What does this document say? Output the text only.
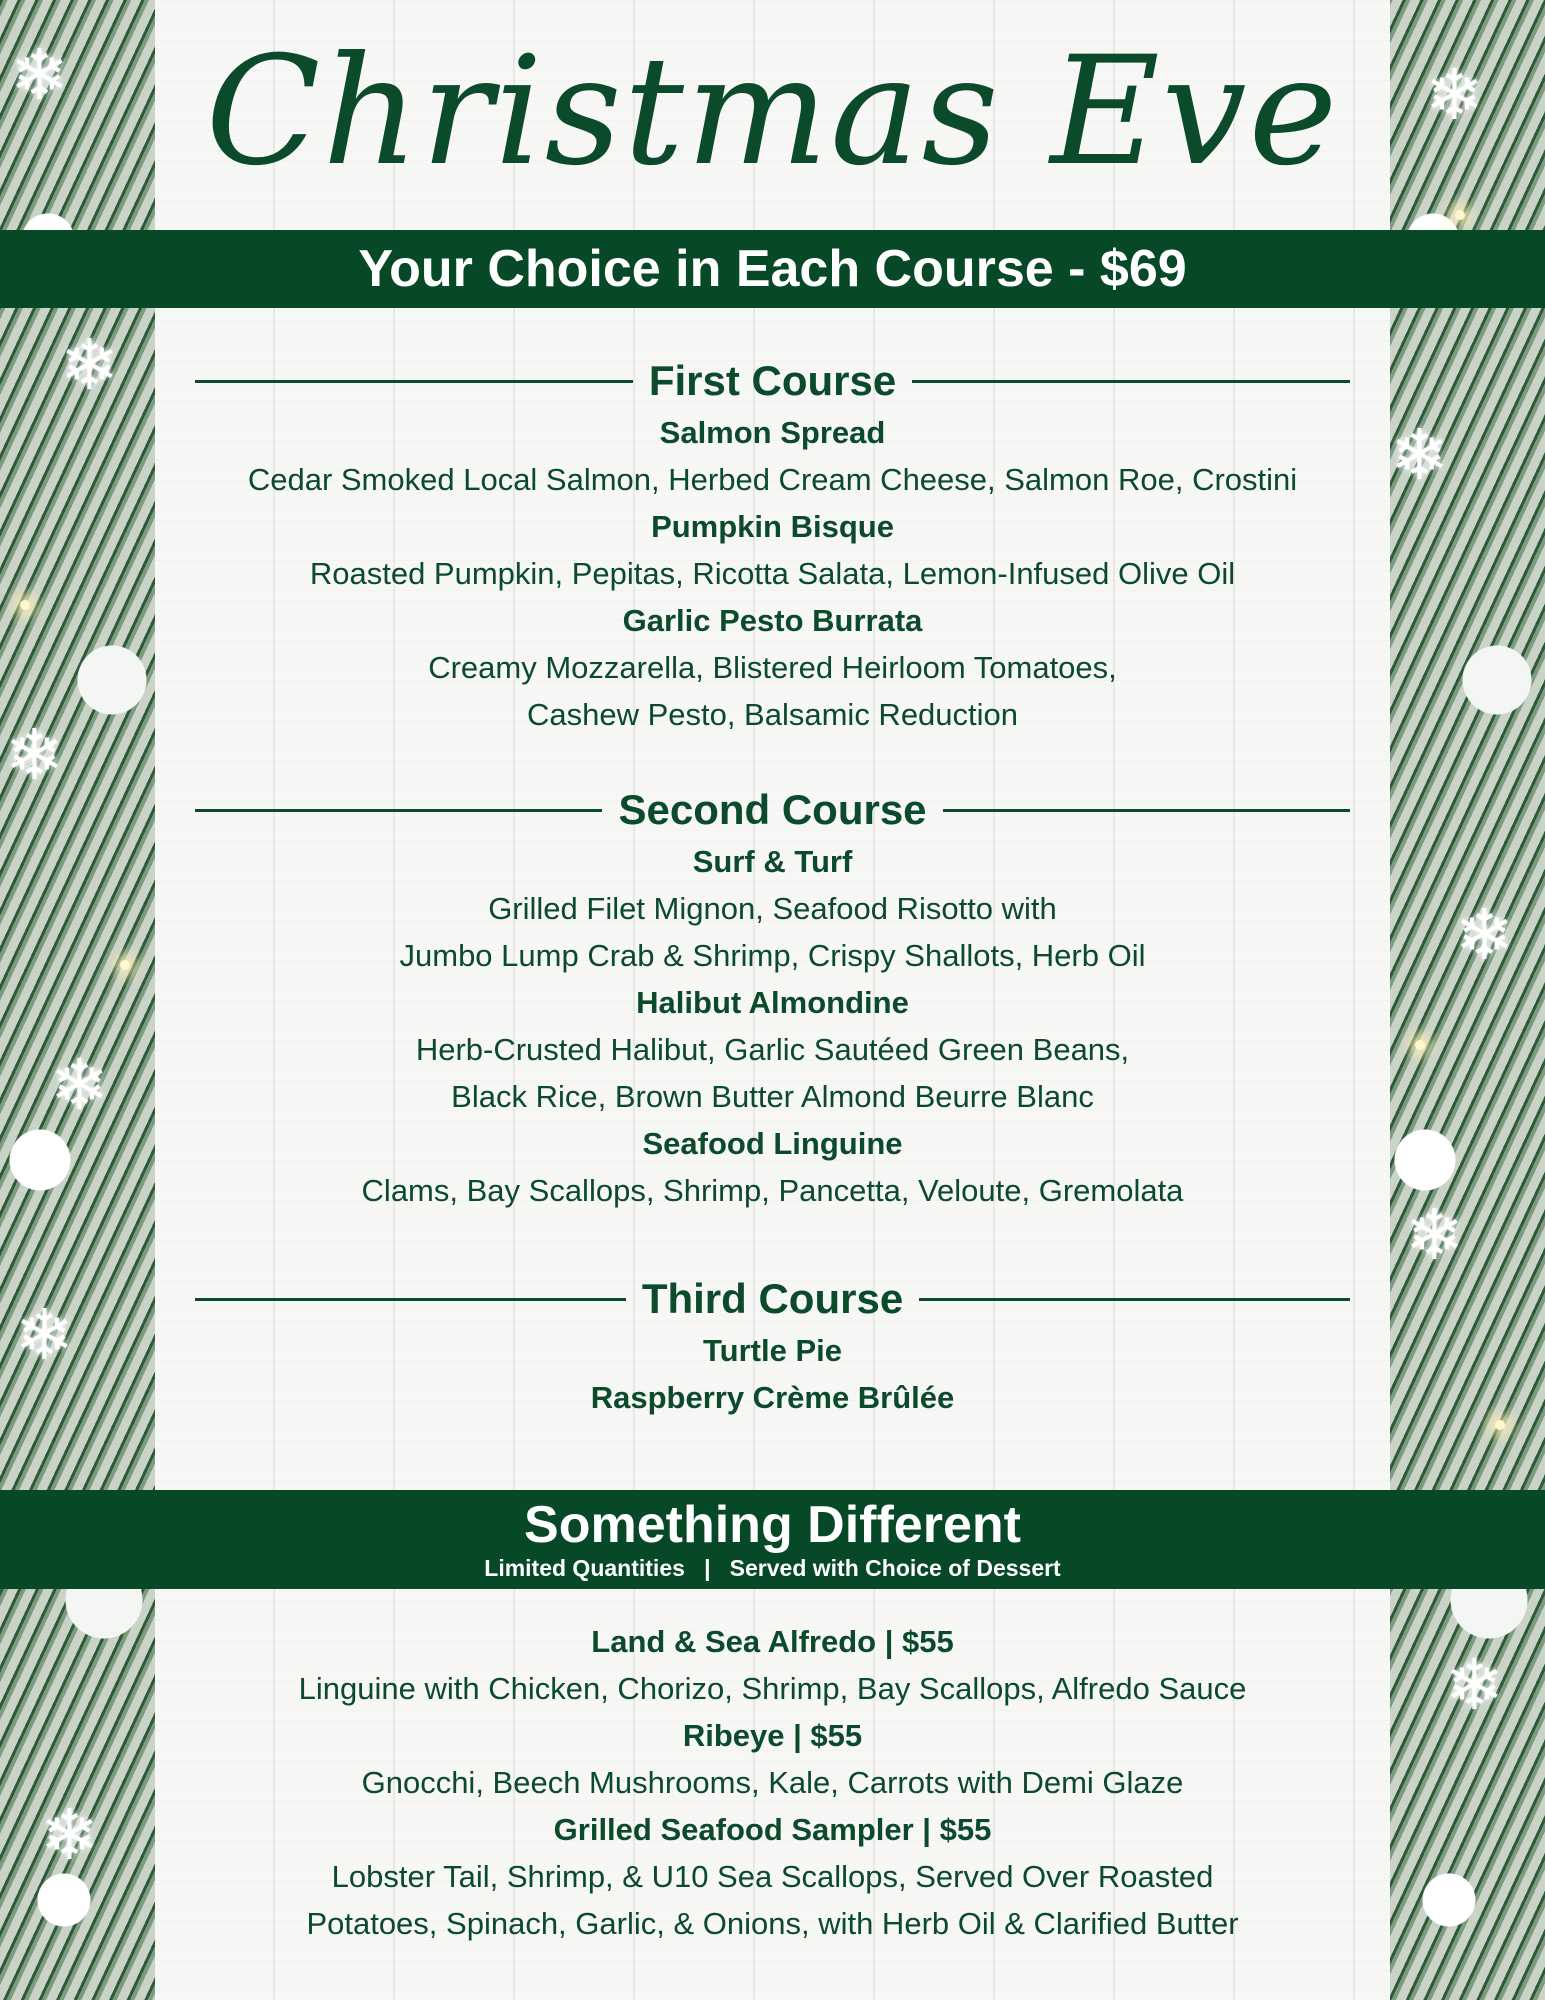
❄
❄
❄
❄
❄
❄
❄
❄
❄
❄
❄
Christmas Eve
Your Choice in Each Course - $69
First Course
Salmon Spread
Cedar Smoked Local Salmon, Herbed Cream Cheese, Salmon Roe, Crostini
Pumpkin Bisque
Roasted Pumpkin, Pepitas, Ricotta Salata, Lemon-Infused Olive Oil
Garlic Pesto Burrata
Creamy Mozzarella, Blistered Heirloom Tomatoes,
Cashew Pesto, Balsamic Reduction
Second Course
Surf & Turf
Grilled Filet Mignon, Seafood Risotto with
Jumbo Lump Crab & Shrimp, Crispy Shallots, Herb Oil
Halibut Almondine
Herb-Crusted Halibut, Garlic Sautéed Green Beans,
Black Rice, Brown Butter Almond Beurre Blanc
Seafood Linguine
Clams, Bay Scallops, Shrimp, Pancetta, Veloute, Gremolata
Third Course
Turtle Pie
Raspberry Crème Brûlée
Something Different
Limited Quantities   |   Served with Choice of Dessert
Land & Sea Alfredo | $55
Linguine with Chicken, Chorizo, Shrimp, Bay Scallops, Alfredo Sauce
Ribeye | $55
Gnocchi, Beech Mushrooms, Kale, Carrots with Demi Glaze
Grilled Seafood Sampler | $55
Lobster Tail, Shrimp, & U10 Sea Scallops, Served Over Roasted
Potatoes, Spinach, Garlic, & Onions, with Herb Oil & Clarified Butter
